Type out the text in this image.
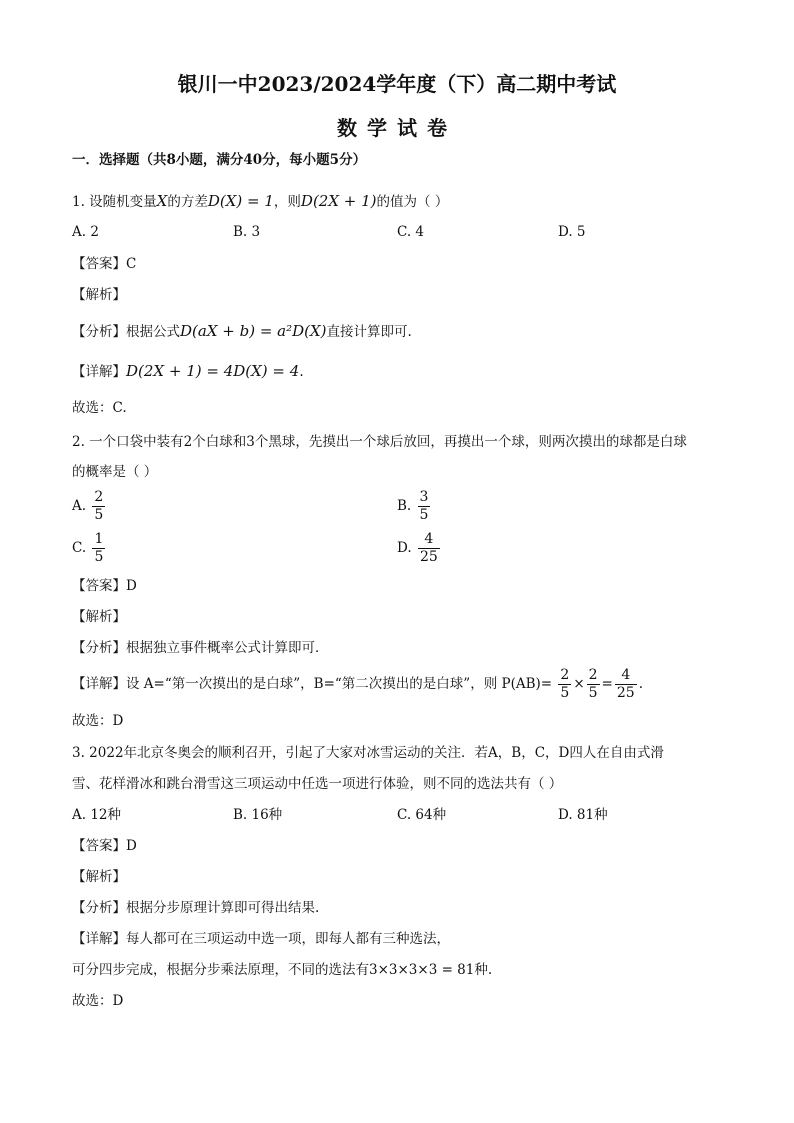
银川一中2023/2024学年度（下）高二期中考试
数学试卷
一．选择题（共8小题，满分40分，每小题5分）
1. 设随机变量X的方差D(X) = 1，则D(2X + 1)的值为（ ）
A. 2	B. 3	C. 4	D. 5
【答案】C
【解析】
【分析】根据公式D(aX + b) = a²D(X)直接计算即可.
【详解】D(2X + 1) = 4D(X) = 4.
故选：C.
2. 一个口袋中装有2个白球和3个黑球，先摸出一个球后放回，再摸出一个球，则两次摸出的球都是白球
的概率是（ ）
A. $\frac{2}{5}$	B. $\frac{3}{5}$
C. $\frac{1}{5}$	D. $\frac{4}{25}$
【答案】D
【解析】
【分析】根据独立事件概率公式计算即可．
【详解】设 A=“第一次摸出的是白球”，B=“第二次摸出的是白球”，则 $P(AB)= \frac{2}{5} \times \frac{2}{5} = \frac{4}{25}$ .
故选：D
3. 2022年北京冬奥会的顺利召开，引起了大家对冰雪运动的关注．若A，B，C，D四人在自由式滑
雪、花样滑冰和跳台滑雪这三项运动中任选一项进行体验，则不同的选法共有（ ）
A. 12种	B. 16种	C. 64种	D. 81种
【答案】D
【解析】
【分析】根据分步原理计算即可得出结果.
【详解】每人都可在三项运动中选一项，即每人都有三种选法，
可分四步完成，根据分步乘法原理，不同的选法有3×3×3×3 = 81种.
故选：D
